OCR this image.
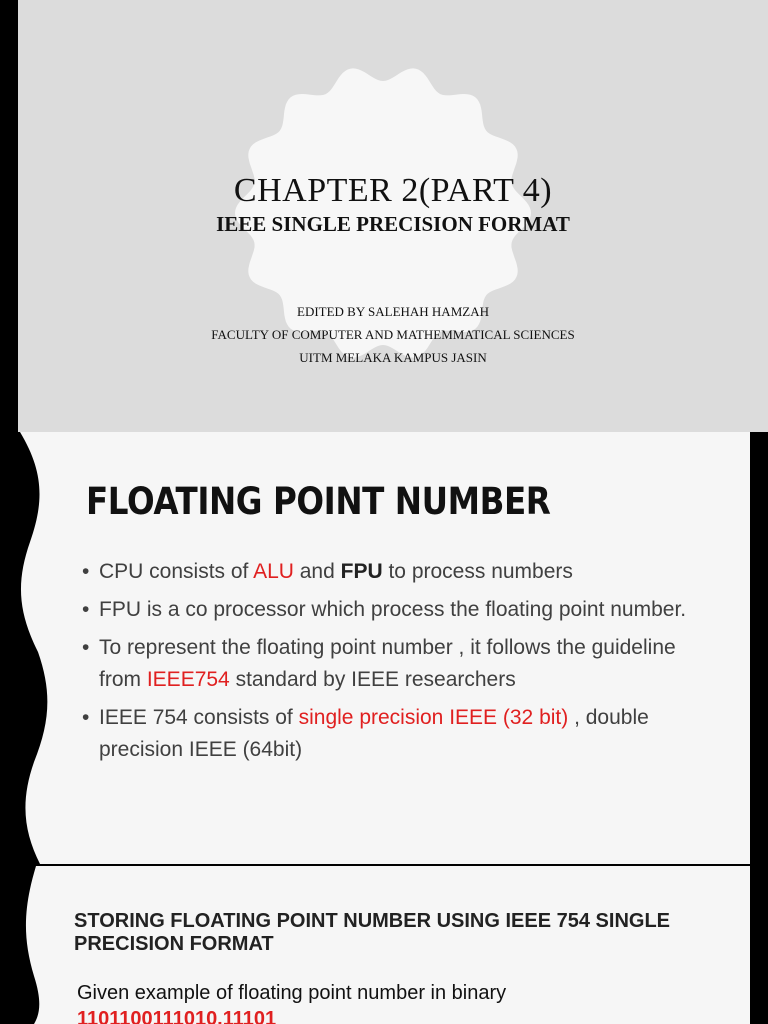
CHAPTER 2(PART 4)
IEEE SINGLE PRECISION FORMAT
EDITED BY SALEHAH HAMZAH
FACULTY OF COMPUTER AND MATHEMMATICAL SCIENCES
UITM MELAKA KAMPUS JASIN
FLOATING POINT NUMBER
• CPU consists of ALU and FPU to process numbers
• FPU is a co processor which process the floating point number.
• To represent the floating point number , it follows the guideline from IEEE754 standard by IEEE researchers
• IEEE 754 consists of single precision IEEE (32 bit) , double precision IEEE (64bit)
STORING FLOATING POINT NUMBER USING IEEE 754 SINGLE PRECISION FORMAT
Given example of floating point number in binary
1101100111010.11101
